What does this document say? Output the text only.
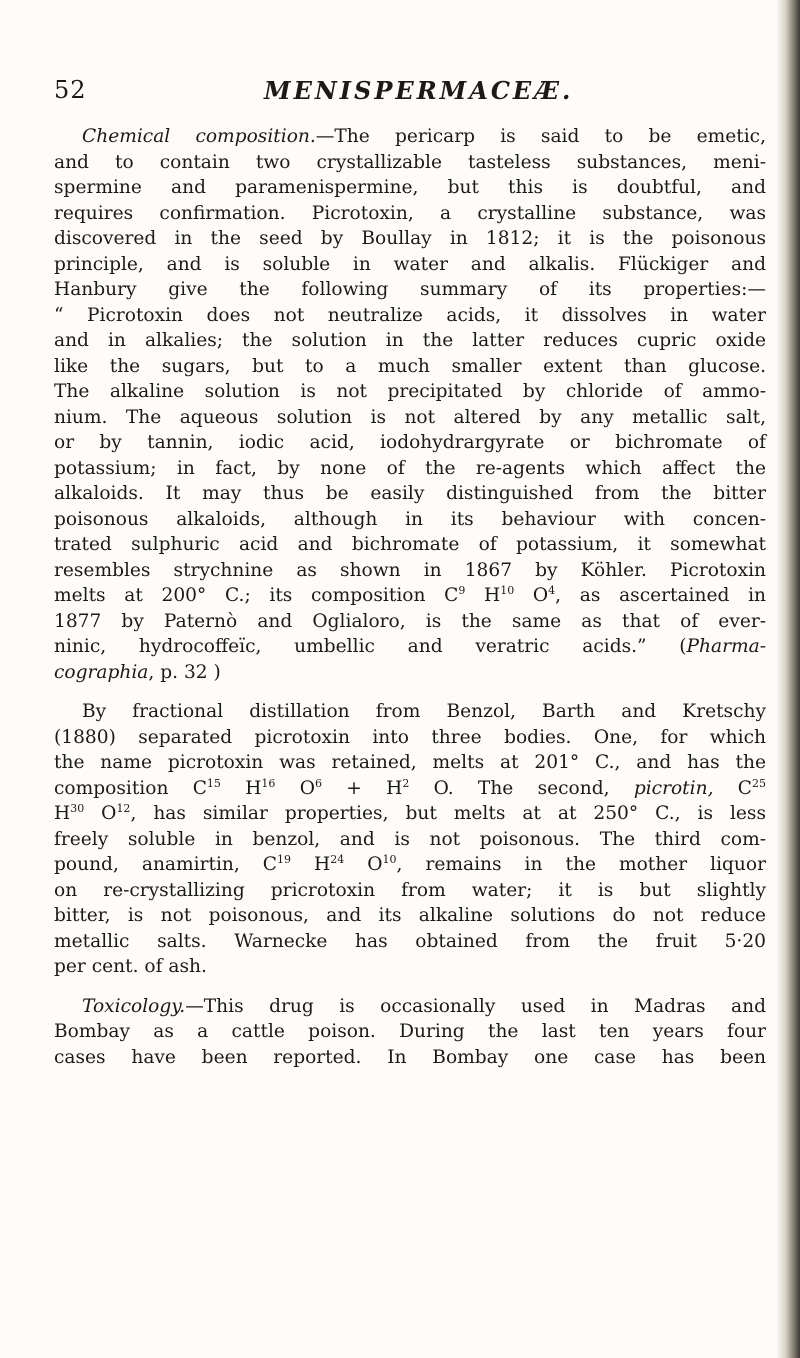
52	MENISPERMACEÆ.
Chemical composition.—The pericarp is said to be emetic,
and to contain two crystallizable tasteless substances, meni-
spermine and paramenispermine, but this is doubtful, and
requires confirmation. Picrotoxin, a crystalline substance, was
discovered in the seed by Boullay in 1812; it is the poisonous
principle, and is soluble in water and alkalis. Flückiger and
Hanbury give the following summary of its properties:—
“ Picrotoxin does not neutralize acids, it dissolves in water
and in alkalies; the solution in the latter reduces cupric oxide
like the sugars, but to a much smaller extent than glucose.
The alkaline solution is not precipitated by chloride of ammo-
nium. The aqueous solution is not altered by any metallic salt,
or by tannin, iodic acid, iodohydrargyrate or bichromate of
potassium; in fact, by none of the re-agents which affect the
alkaloids. It may thus be easily distinguished from the bitter
poisonous alkaloids, although in its behaviour with concen-
trated sulphuric acid and bichromate of potassium, it somewhat
resembles strychnine as shown in 1867 by Köhler. Picrotoxin
melts at 200° C.; its composition $C^9$ $H^{10}$ $O^4$, as ascertained in
1877 by Paternò and Oglialoro, is the same as that of ever-
ninic, hydrocoffeïc, umbellic and veratric acids.” (Pharma-
cographia, p. 32 )
By fractional distillation from Benzol, Barth and Kretschy
(1880) separated picrotoxin into three bodies. One, for which
the name picrotoxin was retained, melts at 201° C., and has the
composition $C^{15}$ $H^{16}$ $O^6 + H^2$ O. The second, picrotin, $C^{25}$
$H^{30}$ $O^{12}$, has similar properties, but melts at at 250° C., is less
freely soluble in benzol, and is not poisonous. The third com-
pound, anamirtin, $C^{19}$ $H^{24}$ $O^{10}$, remains in the mother liquor
on re-crystallizing pricrotoxin from water; it is but slightly
bitter, is not poisonous, and its alkaline solutions do not reduce
metallic salts. Warnecke has obtained from the fruit 5·20
per cent. of ash.
Toxicology.—This drug is occasionally used in Madras and
Bombay as a cattle poison. During the last ten years four
cases have been reported. In Bombay one case has been
